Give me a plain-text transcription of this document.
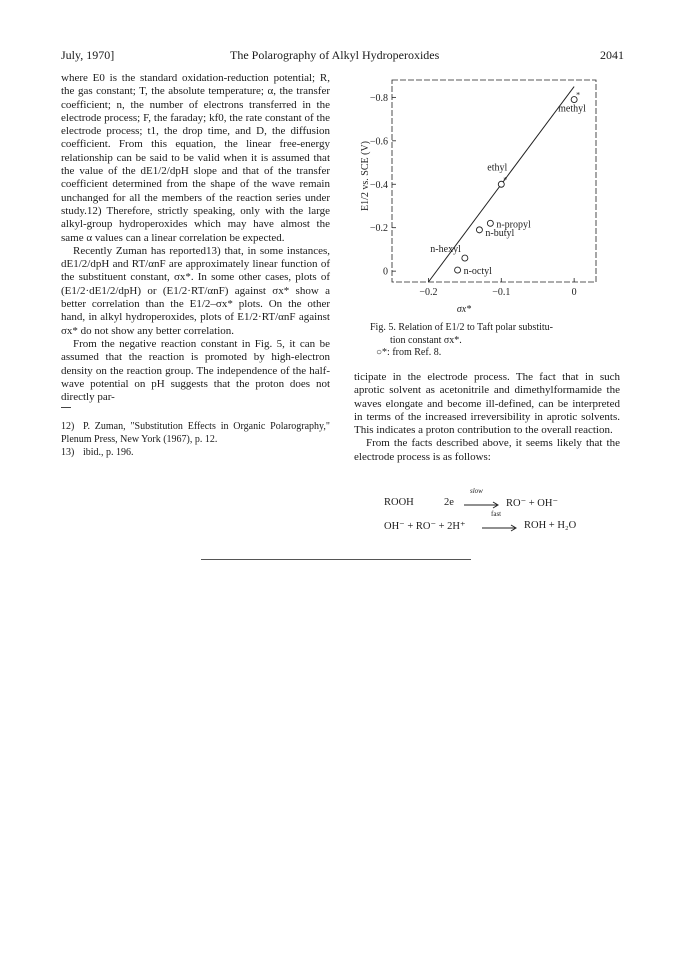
July, 1970]	The Polarography of Alkyl Hydroperoxides	2041

where E0 is the standard oxidation-reduction potential; R, the gas constant; T, the absolute temperature; α, the transfer coefficient; n, the number of electrons transferred in the electrode process; F, the faraday; kf0, the rate constant of the electrode process; t1, the drop time, and D, the diffusion coefficient. From this equation, the linear free-energy relationship can be said to be valid when it is assumed that the value of the dE1/2/dpH slope and that of the transfer coefficient determined from the shape of the wave remain unchanged for all the members of the reaction series under study.12) Therefore, strictly speaking, only with the large alkyl-group hydroperoxides which may have almost the same α values can a linear correlation be expected.

Recently Zuman has reported13) that, in some instances, dE1/2/dpH and RT/αnF are approximately linear function of the substituent constant, σx*. In some other cases, plots of (E1/2·dE1/2/dpH) or (E1/2·RT/αnF) against σx* show a better correlation than the E1/2–σx* plots. On the other hand, in alkyl hydroperoxides, plots of E1/2·RT/αnF against σx* do not show any better correlation.

From the negative reaction constant in Fig. 5, it can be assumed that the reaction is promoted by high-electron density on the reaction group. The independence of the half-wave potential on pH suggests that the proton does not directly par-

12) P. Zuman, "Substitution Effects in Organic Polarography," Plenum Press, New York (1967), p. 12.

13) ibid., p. 196.

−0.8
−0.6
−0.4
−0.2
0
−0.2	−0.1	0
σx*
E1/2 vs. SCE (V)
*
methyl
*
ethyl
n-propyl
n-butyl
n-hexyl
n-octyl
Fig. 5. Relation of E1/2 to Taft polar substitu-
tion constant σx*.
○*: from Ref. 8.

ticipate in the electrode process. The fact that in such aprotic solvent as acetonitrile and dimethylformamide the waves elongate and become ill-defined, can be interpreted in terms of the increased irreversibility in aprotic solvents. This indicates a proton contribution to the overall reaction.

From the facts described above, it seems likely that the electrode process is as follows:

ROOH	2e
slow
→ RO⁻ + OH⁻
OH⁻ + RO⁻ + 2H⁺
fast
→ ROH + H₂O
